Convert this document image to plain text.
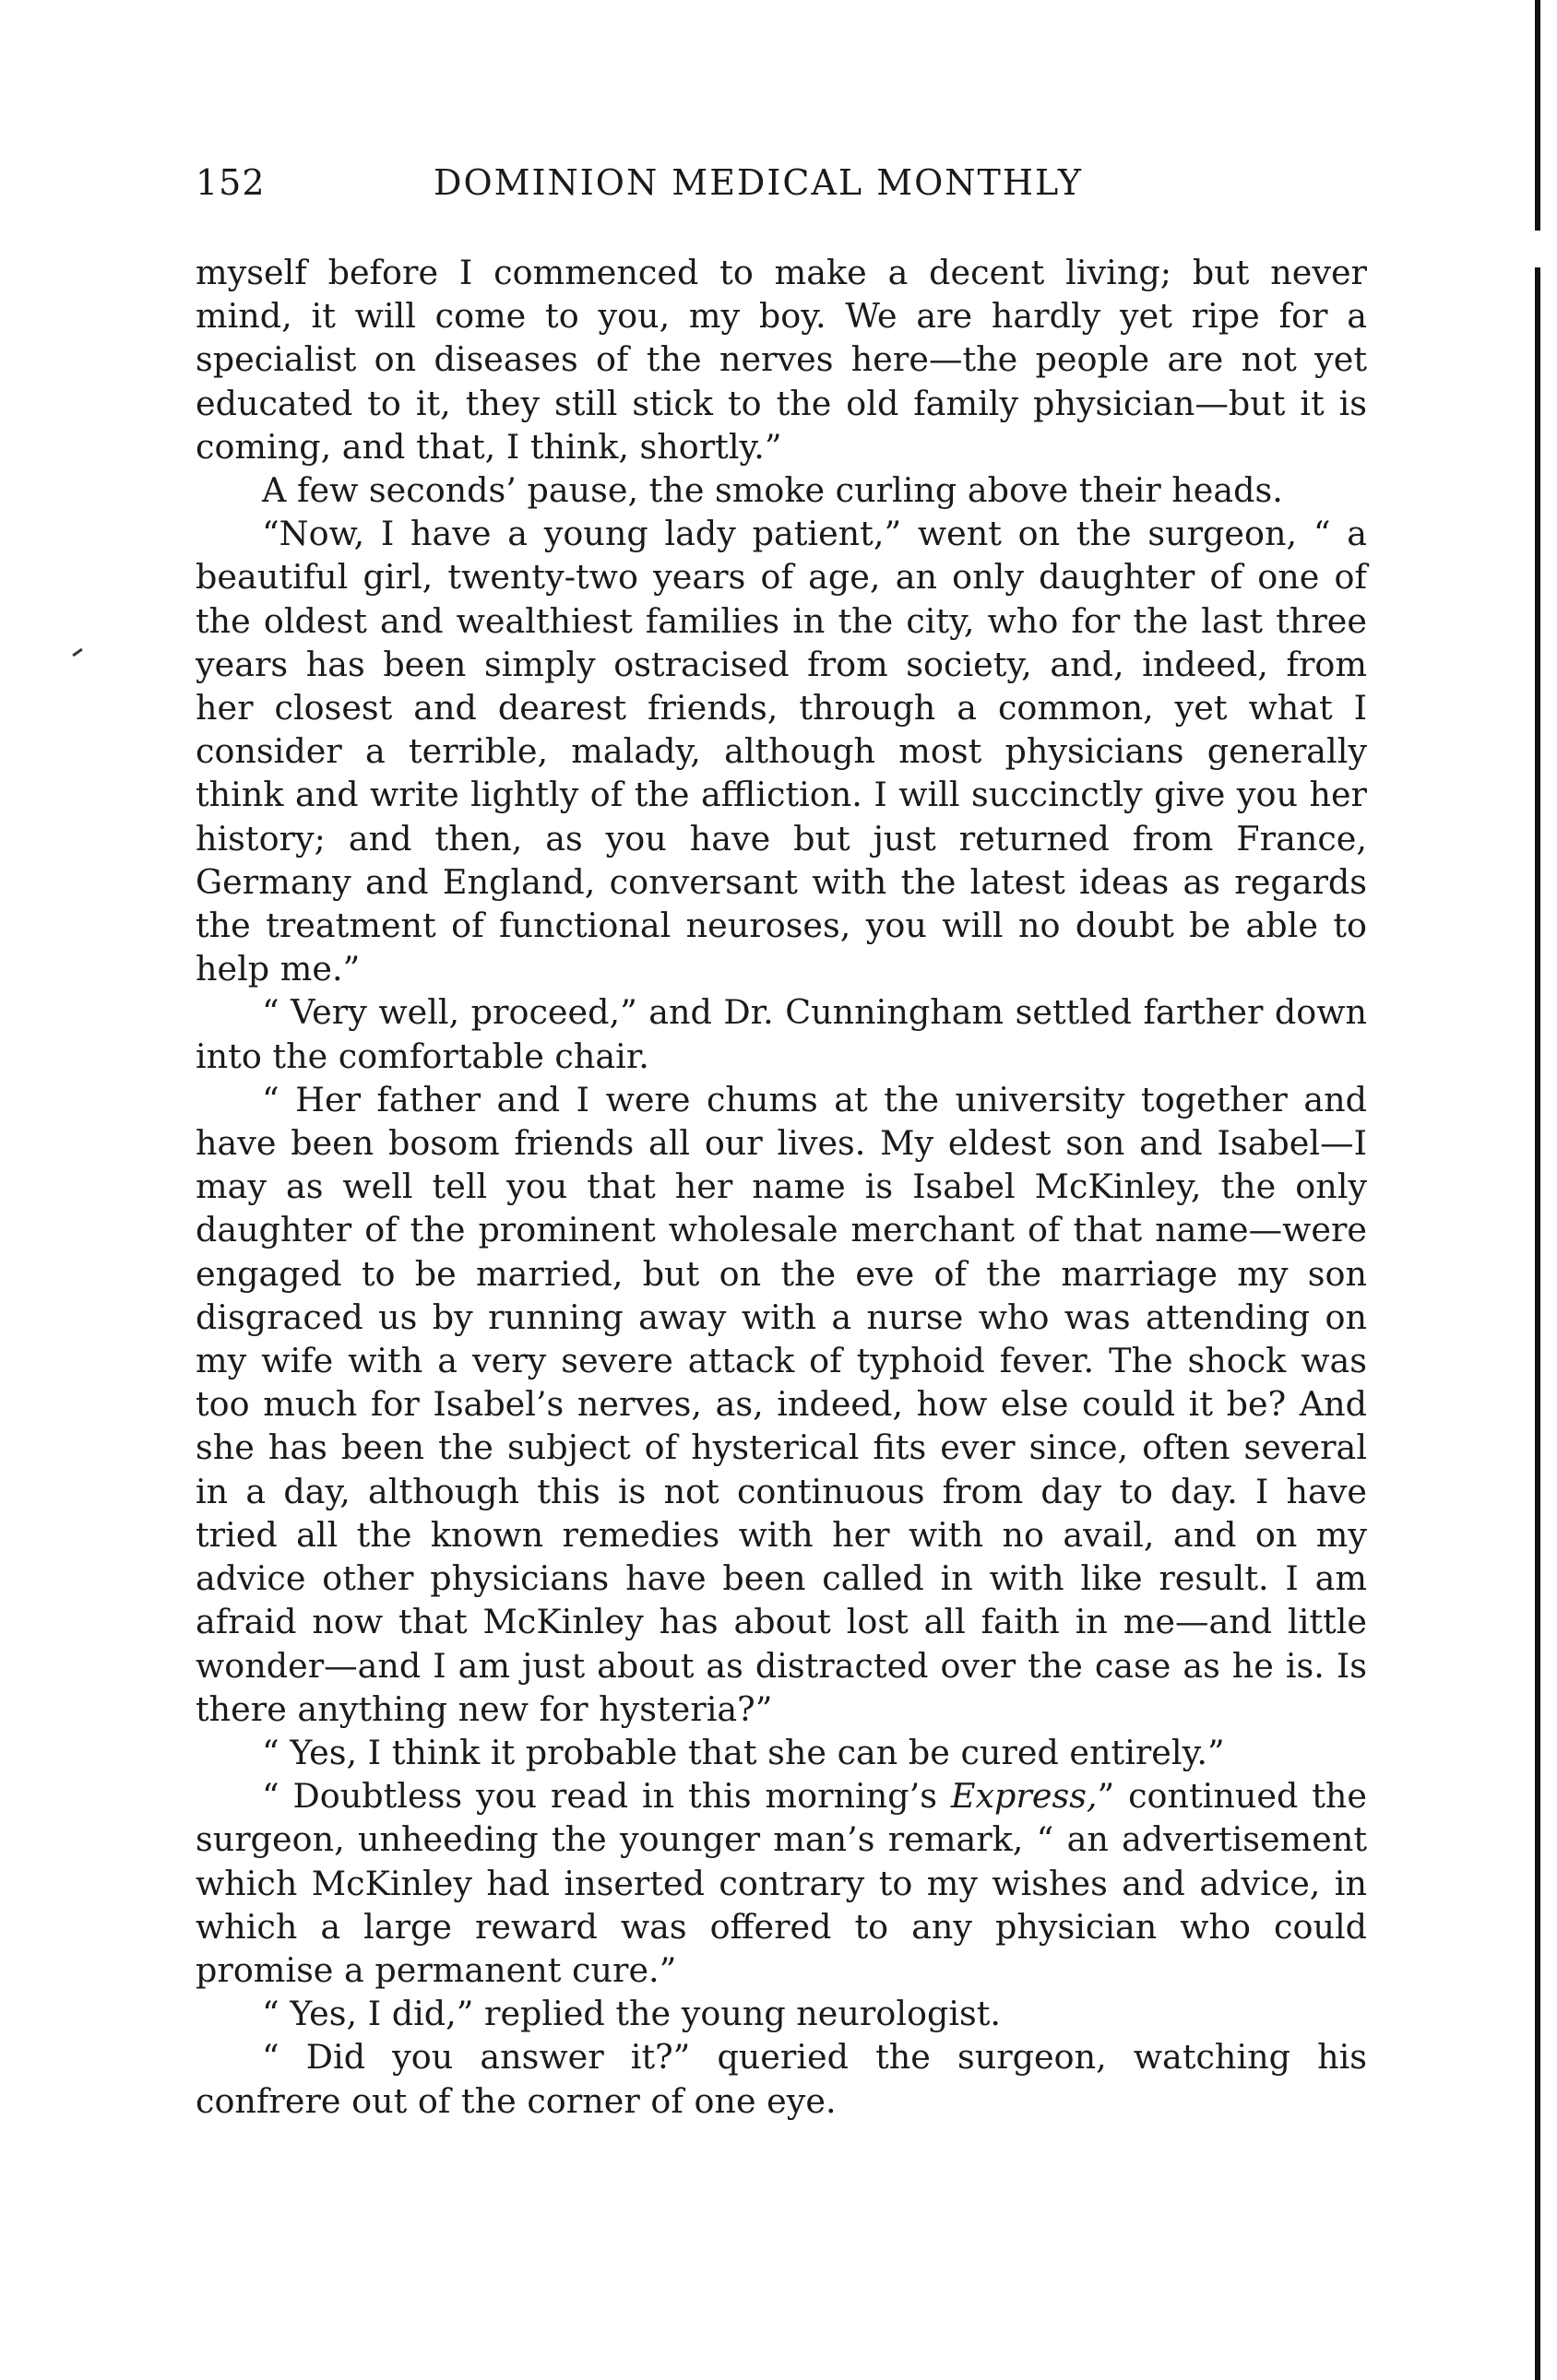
152	DOMINION MEDICAL MONTHLY

myself before I commenced to make a decent living; but never mind, it will come to you, my boy. We are hardly yet ripe for a specialist on diseases of the nerves here—the people are not yet educated to it, they still stick to the old family physician—but it is coming, and that, I think, shortly.”

A few seconds’ pause, the smoke curling above their heads.

“Now, I have a young lady patient,” went on the surgeon, “ a beautiful girl, twenty-two years of age, an only daughter of one of the oldest and wealthiest families in the city, who for the last three years has been simply ostracised from society, and, indeed, from her closest and dearest friends, through a common, yet what I consider a terrible, malady, although most physicians generally think and write lightly of the affliction. I will succinctly give you her history; and then, as you have but just returned from France, Germany and England, conversant with the latest ideas as regards the treatment of functional neuroses, you will no doubt be able to help me.”

“ Very well, proceed,” and Dr. Cunningham settled farther down into the comfortable chair.

“ Her father and I were chums at the university together and have been bosom friends all our lives. My eldest son and Isabel—I may as well tell you that her name is Isabel McKinley, the only daughter of the prominent wholesale merchant of that name—were engaged to be married, but on the eve of the marriage my son disgraced us by running away with a nurse who was attending on my wife with a very severe attack of typhoid fever. The shock was too much for Isabel’s nerves, as, indeed, how else could it be? And she has been the subject of hysterical fits ever since, often several in a day, although this is not continuous from day to day. I have tried all the known remedies with her with no avail, and on my advice other physicians have been called in with like result. I am afraid now that McKinley has about lost all faith in me—and little wonder—and I am just about as distracted over the case as he is. Is there anything new for hysteria?”

“ Yes, I think it probable that she can be cured entirely.”

“ Doubtless you read in this morning’s Express,” continued the surgeon, unheeding the younger man’s remark, “ an advertisement which McKinley had inserted contrary to my wishes and advice, in which a large reward was offered to any physician who could promise a permanent cure.”

“ Yes, I did,” replied the young neurologist.

“ Did you answer it?” queried the surgeon, watching his confrere out of the corner of one eye.
